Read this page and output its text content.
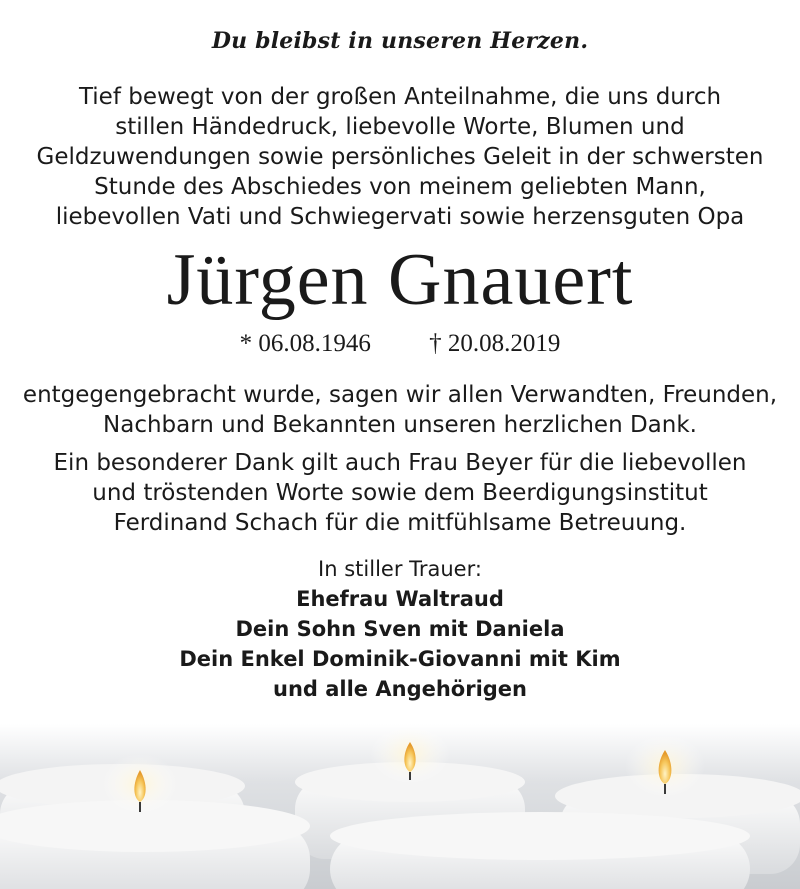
Du bleibst in unseren Herzen.
Tief bewegt von der großen Anteilnahme, die uns durch
stillen Händedruck, liebevolle Worte, Blumen und
Geldzuwendungen sowie persönliches Geleit in der schwersten
Stunde des Abschiedes von meinem geliebten Mann,
liebevollen Vati und Schwiegervati sowie herzensguten Opa
Jürgen Gnauert
* 06.08.1946 † 20.08.2019
entgegengebracht wurde, sagen wir allen Verwandten, Freunden,
Nachbarn und Bekannten unseren herzlichen Dank.
Ein besonderer Dank gilt auch Frau Beyer für die liebevollen
und tröstenden Worte sowie dem Beerdigungsinstitut
Ferdinand Schach für die mitfühlsame Betreuung.
In stiller Trauer:
Ehefrau Waltraud
Dein Sohn Sven mit Daniela
Dein Enkel Dominik-Giovanni mit Kim
und alle Angehörigen
